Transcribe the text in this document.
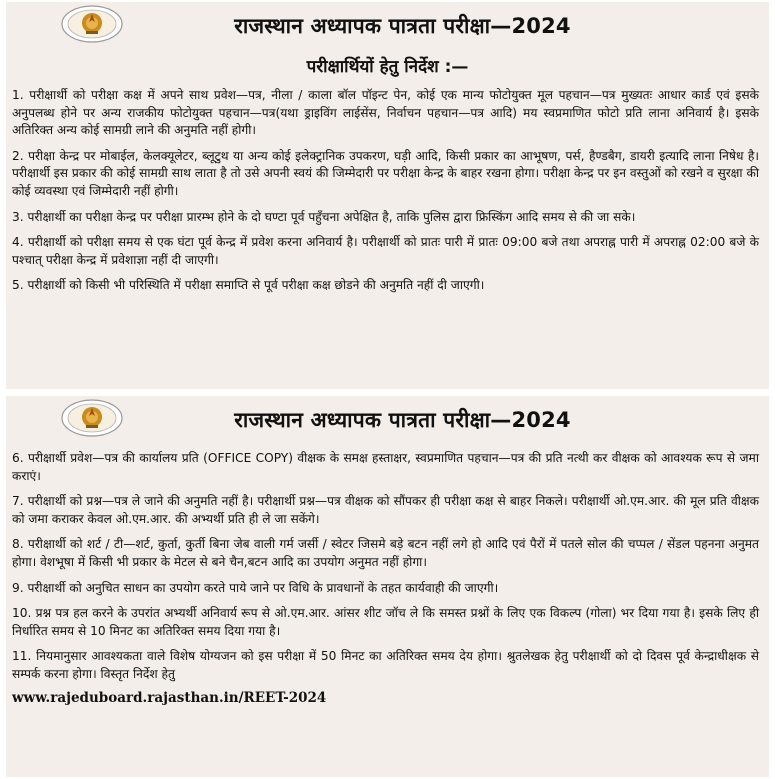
राजस्थान अध्यापक पात्रता परीक्षा—2024
परीक्षार्थियों हेतु निर्देश :—

1. परीक्षार्थी को परीक्षा कक्ष में अपने साथ प्रवेश—पत्र, नीला / काला बॉल पॉइन्ट पेन, कोई एक मान्य फोटोयुक्त मूल पहचान—पत्र मुख्यतः आधार कार्ड एवं इसके अनुपलब्ध होने पर अन्य राजकीय फोटोयुक्त पहचान—पत्र(यथा ड्राइविंग लाईसेंस, निर्वाचन पहचान—पत्र आदि) मय स्वप्रमाणित फोटो प्रति लाना अनिवार्य है। इसके अतिरिक्त अन्य कोई सामग्री लाने की अनुमति नहीं होगी।

2. परीक्षा केन्द्र पर मोबाईल, केलक्यूलेटर, ब्लूटुथ या अन्य कोई इलेक्ट्रानिक उपकरण, घड़ी आदि, किसी प्रकार का आभूषण, पर्स, हैण्डबैग, डायरी इत्यादि लाना निषेध है। परीक्षार्थी इस प्रकार की कोई सामग्री साथ लाता है तो उसे अपनी स्वयं की जिम्मेदारी पर परीक्षा केन्द्र के बाहर रखना होगा। परीक्षा केन्द्र पर इन वस्तुओं को रखने व सुरक्षा की कोई व्यवस्था एवं जिम्मेदारी नहीं होगी।

3. परीक्षार्थी का परीक्षा केन्द्र पर परीक्षा प्रारम्भ होने के दो घण्टा पूर्व पहुँचना अपेक्षित है, ताकि पुलिस द्वारा फ्रिस्किंग आदि समय से की जा सके।

4. परीक्षार्थी को परीक्षा समय से एक घंटा पूर्व केन्द्र में प्रवेश करना अनिवार्य है। परीक्षार्थी को प्रातः पारी में प्रातः 09:00 बजे तथा अपराह्न पारी में अपराह्न 02:00 बजे के पश्चात् परीक्षा केन्द्र में प्रवेशाज्ञा नहीं दी जाएगी।

5. परीक्षार्थी को किसी भी परिस्थिति में परीक्षा समाप्ति से पूर्व परीक्षा कक्ष छोडने की अनुमति नहीं दी जाएगी।

राजस्थान अध्यापक पात्रता परीक्षा—2024

6. परीक्षार्थी प्रवेश—पत्र की कार्यालय प्रति (OFFICE COPY) वीक्षक के समक्ष हस्ताक्षर, स्वप्रमाणित पहचान—पत्र की प्रति नत्थी कर वीक्षक को आवश्यक रूप से जमा कराएं।

7. परीक्षार्थी को प्रश्न—पत्र ले जाने की अनुमति नहीं है। परीक्षार्थी प्रश्न—पत्र वीक्षक को सौंपकर ही परीक्षा कक्ष से बाहर निकले। परीक्षार्थी ओ.एम.आर. की मूल प्रति वीक्षक को जमा कराकर केवल ओ.एम.आर. की अभ्यर्थी प्रति ही ले जा सकेंगे।

8. परीक्षार्थी को शर्ट / टी—शर्ट, कुर्ता, कुर्ती बिना जेब वाली गर्म जर्सी / स्वेटर जिसमे बड़े बटन नहीं लगे हो आदि एवं पैरों में पतले सोल की चप्पल / सेंडल पहनना अनुमत होगा। वेशभूषा में किसी भी प्रकार के मेटल से बने चैन,बटन आदि का उपयोग अनुमत नहीं होगा।

9. परीक्षार्थी को अनुचित साधन का उपयोग करते पाये जाने पर विधि के प्रावधानों के तहत कार्यवाही की जाएगी।

10. प्रश्न पत्र हल करने के उपरांत अभ्यर्थी अनिवार्य रूप से ओ.एम.आर. आंसर शीट जॉच ले कि समस्त प्रश्नों के लिए एक विकल्प (गोला) भर दिया गया है। इसके लिए ही निर्धारित समय से 10 मिनट का अतिरिक्त समय दिया गया है।

11. नियमानुसार आवश्यकता वाले विशेष योग्यजन को इस परीक्षा में 50 मिनट का अतिरिक्त समय देय होगा। श्रुतलेखक हेतु परीक्षार्थी को दो दिवस पूर्व केन्द्राधीक्षक से सम्पर्क करना होगा। विस्तृत निर्देश हेतु

www.rajeduboard.rajasthan.in/REET-2024
